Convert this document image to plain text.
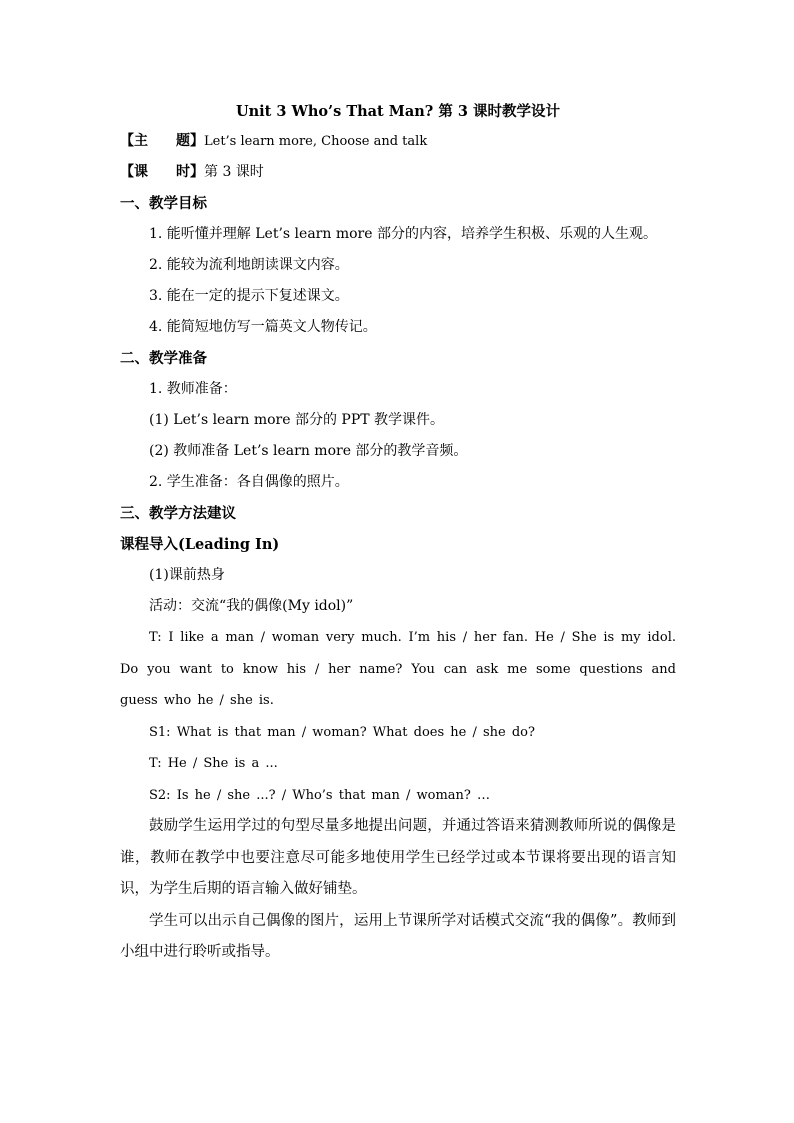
Unit 3 Who’s That Man? 第 3 课时教学设计

【主 题】Let’s learn more, Choose and talk
【课 时】第 3 课时

一、教学目标

1. 能听懂并理解 Let’s learn more 部分的内容，培养学生积极、乐观的人生观。

2. 能较为流利地朗读课文内容。

3. 能在一定的提示下复述课文。

4. 能简短地仿写一篇英文人物传记。

二、教学准备

1. 教师准备：

(1) Let’s learn more 部分的 PPT 教学课件。

(2) 教师准备 Let’s learn more 部分的教学音频。

2. 学生准备：各自偶像的照片。

三、教学方法建议

课程导入(Leading In)

(1)课前热身

活动：交流“我的偶像(My idol)”

T: I like a man / woman very much. I’m his / her fan. He / She is my idol. Do you want to know his / her name? You can ask me some questions and guess who he / she is.

S1: What is that man / woman? What does he / she do?

T: He / She is a ...

S2: Is he / she ...? / Who’s that man / woman? …

鼓励学生运用学过的句型尽量多地提出问题，并通过答语来猜测教师所说的偶像是谁，教师在教学中也要注意尽可能多地使用学生已经学过或本节课将要出现的语言知识，为学生后期的语言输入做好铺垫。

学生可以出示自己偶像的图片，运用上节课所学对话模式交流“我的偶像”。教师到小组中进行聆听或指导。
